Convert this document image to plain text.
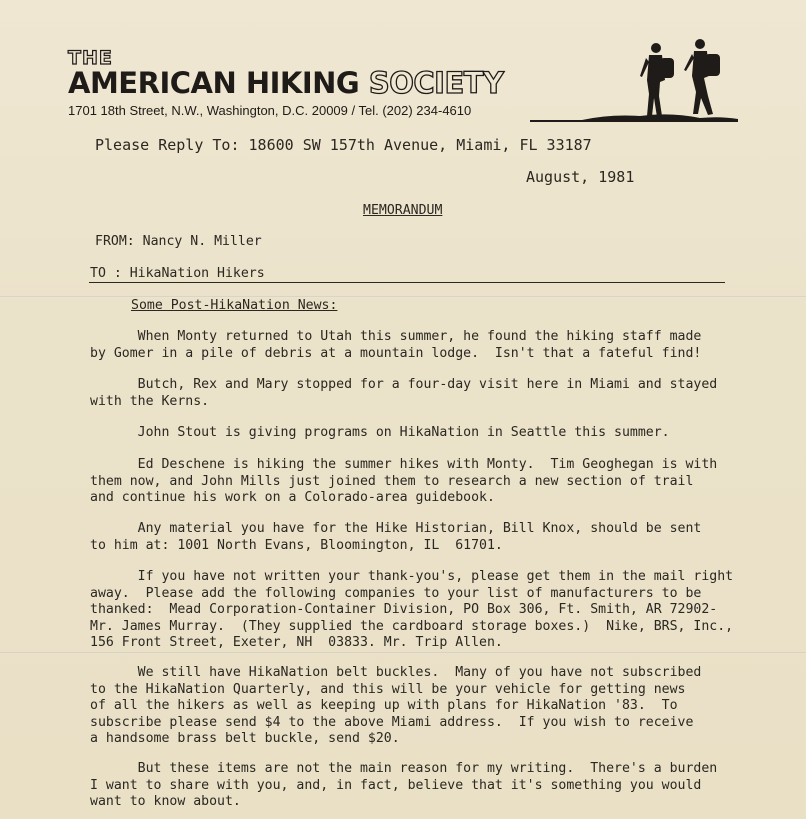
THE
AMERICAN HIKING SOCIETY
1701 18th Street, N.W., Washington, D.C. 20009 / Tel. (202) 234-4610
Please Reply To: 18600 SW 157th Avenue, Miami, FL 33187
August, 1981
MEMORANDUM
FROM: Nancy N. Miller
TO : HikaNation Hikers
Some Post-HikaNation News:
When Monty returned to Utah this summer, he found the hiking staff made
by Gomer in a pile of debris at a mountain lodge.  Isn't that a fateful find!
Butch, Rex and Mary stopped for a four-day visit here in Miami and stayed
with the Kerns.
John Stout is giving programs on HikaNation in Seattle this summer.
Ed Deschene is hiking the summer hikes with Monty.  Tim Geoghegan is with
them now, and John Mills just joined them to research a new section of trail
and continue his work on a Colorado-area guidebook.
Any material you have for the Hike Historian, Bill Knox, should be sent
to him at: 1001 North Evans, Bloomington, IL  61701.
If you have not written your thank-you's, please get them in the mail right
away.  Please add the following companies to your list of manufacturers to be
thanked:  Mead Corporation-Container Division, PO Box 306, Ft. Smith, AR 72902-
Mr. James Murray.  (They supplied the cardboard storage boxes.)  Nike, BRS, Inc.,
156 Front Street, Exeter, NH  03833. Mr. Trip Allen.
We still have HikaNation belt buckles.  Many of you have not subscribed
to the HikaNation Quarterly, and this will be your vehicle for getting news
of all the hikers as well as keeping up with plans for HikaNation '83.  To
subscribe please send $4 to the above Miami address.  If you wish to receive
a handsome brass belt buckle, send $20.
But these items are not the main reason for my writing.  There's a burden
I want to share with you, and, in fact, believe that it's something you would
want to know about.
